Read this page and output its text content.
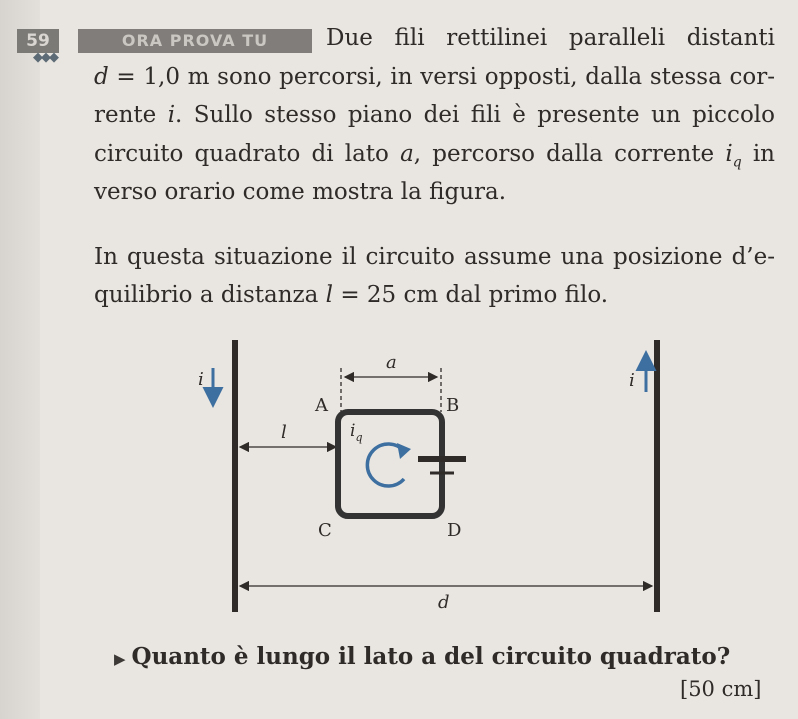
59	ORA PROVA TU
◆◆◆
Due fili rettilinei paralleli distanti
d = 1,0 m sono percorsi, in versi opposti, dalla stessa cor-
rente i. Sullo stesso piano dei fili è presente un piccolo
circuito quadrato di lato a, percorso dalla corrente $i_q$ in
verso orario come mostra la figura.
In questa situazione il circuito assume una posizione d’e-
quilibrio a distanza l = 25 cm dal primo filo.
i	i
a
A	B
l	$i_q$
C	D
d
▶ Quanto è lungo il lato a del circuito quadrato?
[50 cm]
